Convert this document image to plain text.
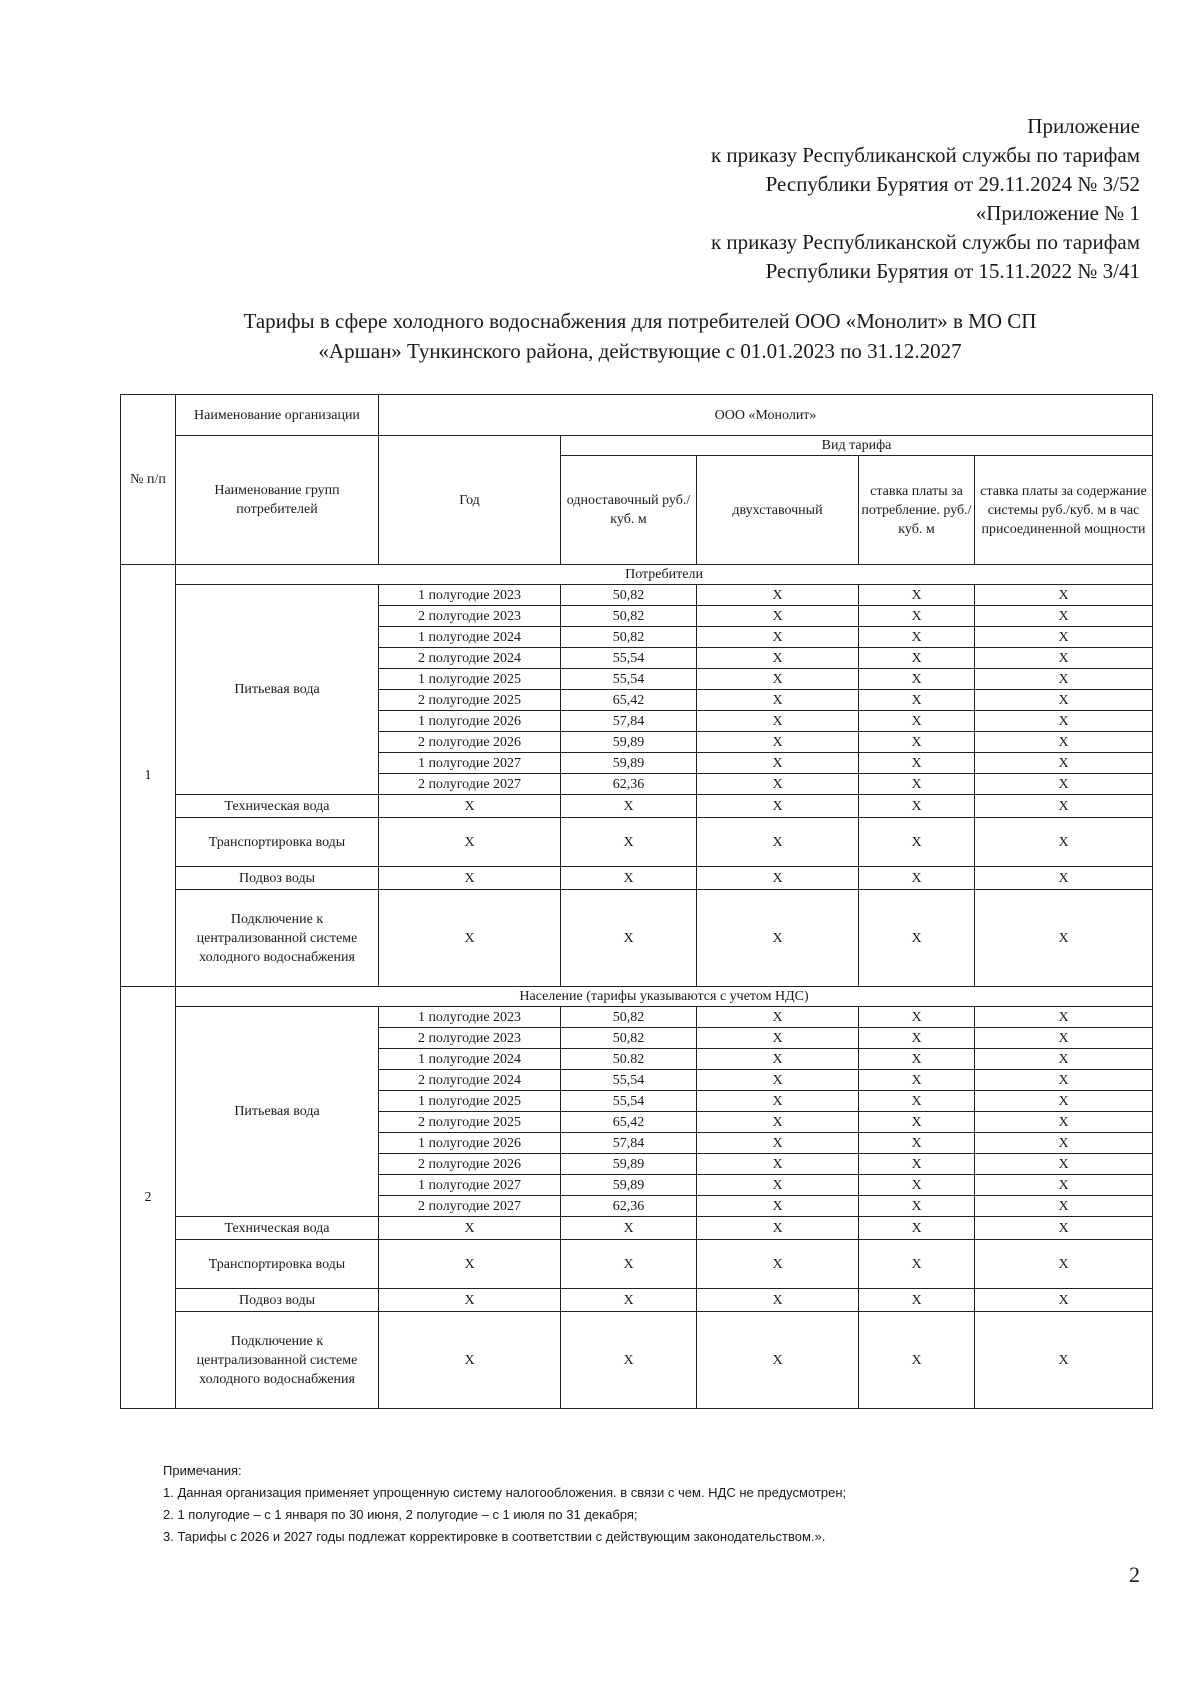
Приложение
к приказу Республиканской службы по тарифам
Республики Бурятия от 29.11.2024 № 3/52
«Приложение № 1
к приказу Республиканской службы по тарифам
Республики Бурятия от 15.11.2022 № 3/41
Тарифы в сфере холодного водоснабжения для потребителей ООО «Монолит» в МО СП
«Аршан» Тункинского района, действующие с 01.01.2023 по 31.12.2027
№ п/п	Наименование организации	ООО «Монолит»				
	Наименование групп потребителей	Год	Вид тарифа			
			одноставочный руб./ куб. м	двухставочный	ставка платы за потребление. руб./ куб. м	ставка платы за содержание системы руб./куб. м в час присоединенной мощности
1	Потребители					
	Питьевая вода	1 полугодие 2023	50,82	X	X	X
		2 полугодие 2023	50,82	X	X	X
		1 полугодие 2024	50,82	X	X	X
		2 полугодие 2024	55,54	X	X	X
		1 полугодие 2025	55,54	X	X	X
		2 полугодие 2025	65,42	X	X	X
		1 полугодие 2026	57,84	X	X	X
		2 полугодие 2026	59,89	X	X	X
		1 полугодие 2027	59,89	X	X	X
		2 полугодие 2027	62,36	X	X	X
	Техническая вода	X	X	X	X	X
	Транспортировка воды	X	X	X	X	X
	Подвоз воды	X	X	X	X	X
	Подключение к централизованной системе холодного водоснабжения	X	X	X	X	X
2	Население (тарифы указываются с учетом НДС)					
	Питьевая вода	1 полугодие 2023	50,82	X	X	X
		2 полугодие 2023	50,82	X	X	X
		1 полугодие 2024	50.82	X	X	X
		2 полугодие 2024	55,54	X	X	X
		1 полугодие 2025	55,54	X	X	X
		2 полугодие 2025	65,42	X	X	X
		1 полугодие 2026	57,84	X	X	X
		2 полугодие 2026	59,89	X	X	X
		1 полугодие 2027	59,89	X	X	X
		2 полугодие 2027	62,36	X	X	X
	Техническая вода	X	X	X	X	X
	Транспортировка воды	X	X	X	X	X
	Подвоз воды	X	X	X	X	X
	Подключение к централизованной системе холодного водоснабжения	X	X	X	X	X
Примечания:
1. Данная организация применяет упрощенную систему налогообложения. в связи с чем. НДС не предусмотрен;
2. 1 полугодие – с 1 января по 30 июня, 2 полугодие – с 1 июля по 31 декабря;
3. Тарифы с 2026 и 2027 годы подлежат корректировке в соответствии с действующим законодательством.».
2
